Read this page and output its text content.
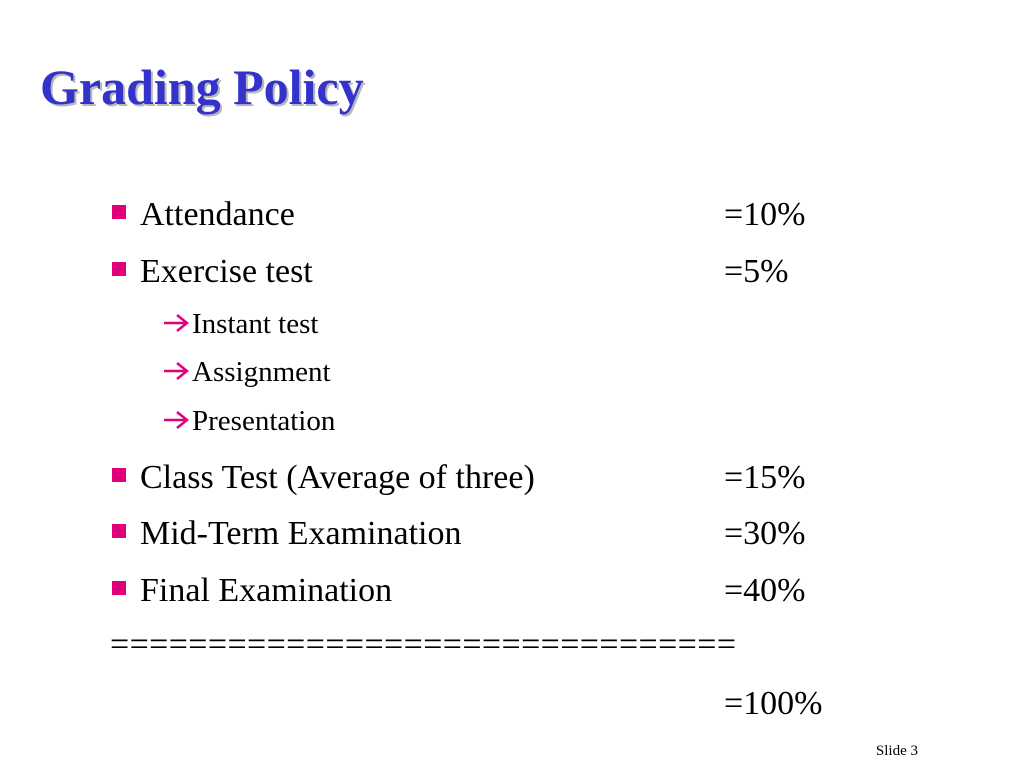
Grading Policy
Attendance	=10%
Exercise test	=5%
Instant test
Assignment
Presentation
Class Test (Average of three)	=15%
Mid-Term Examination	=30%
Final Examination	=40%
================================
=100%
Slide 3
